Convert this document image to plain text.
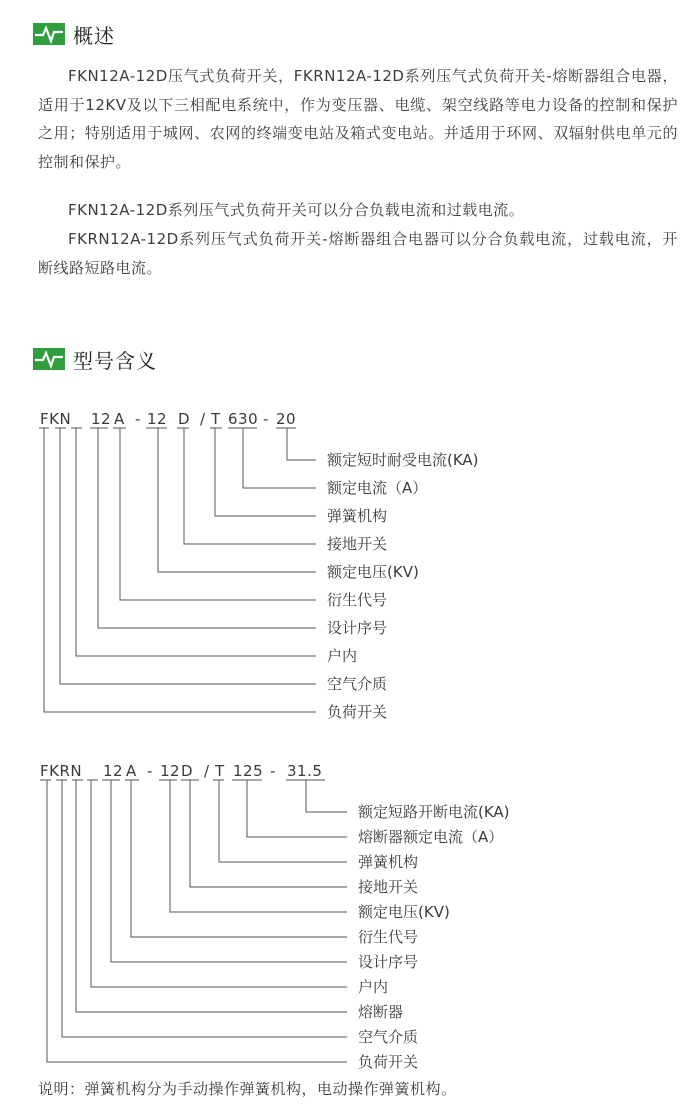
概述

FKN12A-12D压气式负荷开关，FKRN12A-12D系列压气式负荷开关-熔断器组合电器，适用于12KV及以下三相配电系统中，作为变压器、电缆、架空线路等电力设备的控制和保护之用；特别适用于城网、农网的终端变电站及箱式变电站。并适用于环网、双辐射供电单元的控制和保护。

FKN12A-12D系列压气式负荷开关可以分合负载电流和过载电流。

FKRN12A-12D系列压气式负荷开关-熔断器组合电器可以分合负载电流，过载电流，开断线路短路电流。

型号含义
FKN 12 A - 12 D / T 630 - 20
额定短时耐受电流(KA)
额定电流（A）
弹簧机构
接地开关
额定电压(KV)
衍生代号
设计序号
户内
空气介质
负荷开关
FKRN 12 A - 12 D / T 125 - 31.5
额定短路开断电流(KA)
熔断器额定电流（A）
弹簧机构
接地开关
额定电压(KV)
衍生代号
设计序号
户内
熔断器
空气介质
负荷开关

说明：弹簧机构分为手动操作弹簧机构，电动操作弹簧机构。
